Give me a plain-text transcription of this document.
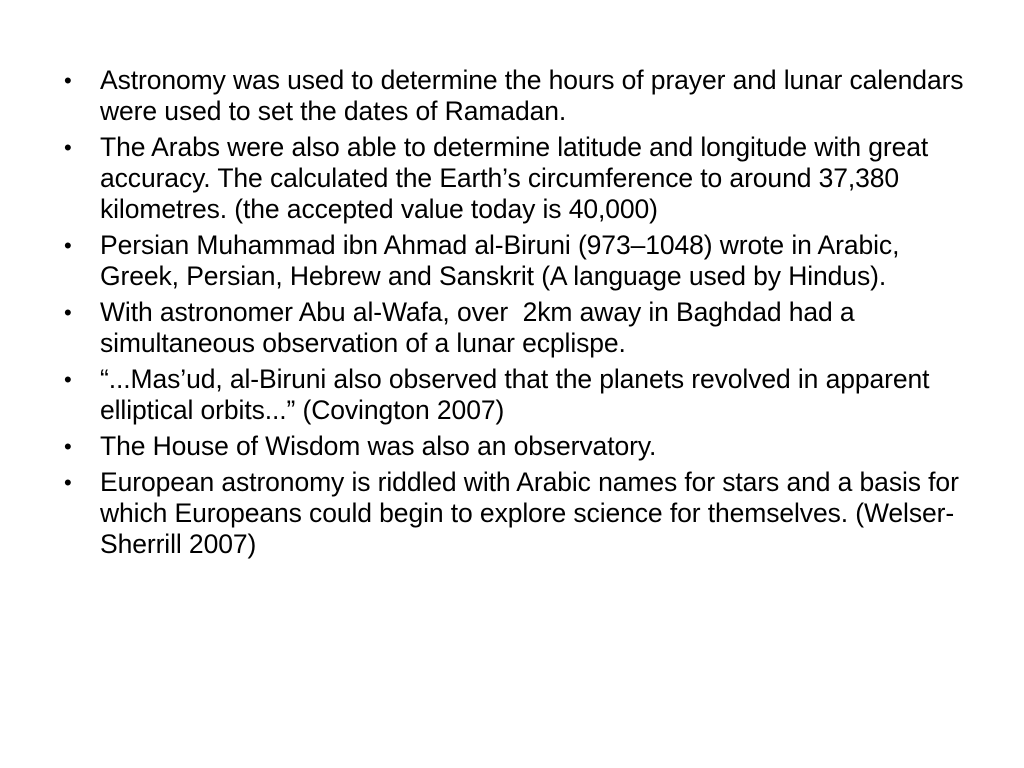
•	Astronomy was used to determine the hours of prayer and lunar calendars were used to set the dates of Ramadan.
•	The Arabs were also able to determine latitude and longitude with great accuracy. The calculated the Earth’s circumference to around 37,380 kilometres. (the accepted value today is 40,000)
•	Persian Muhammad ibn Ahmad al-Biruni (973–1048) wrote in Arabic, Greek, Persian, Hebrew and Sanskrit (A language used by Hindus).
•	With astronomer Abu al-Wafa, over  2km away in Baghdad had a simultaneous observation of a lunar ecplispe.
•	“...Mas’ud, al-Biruni also observed that the planets revolved in apparent elliptical orbits...” (Covington 2007)
•	The House of Wisdom was also an observatory.
•	European astronomy is riddled with Arabic names for stars and a basis for which Europeans could begin to explore science for themselves. (Welser-Sherrill 2007)
